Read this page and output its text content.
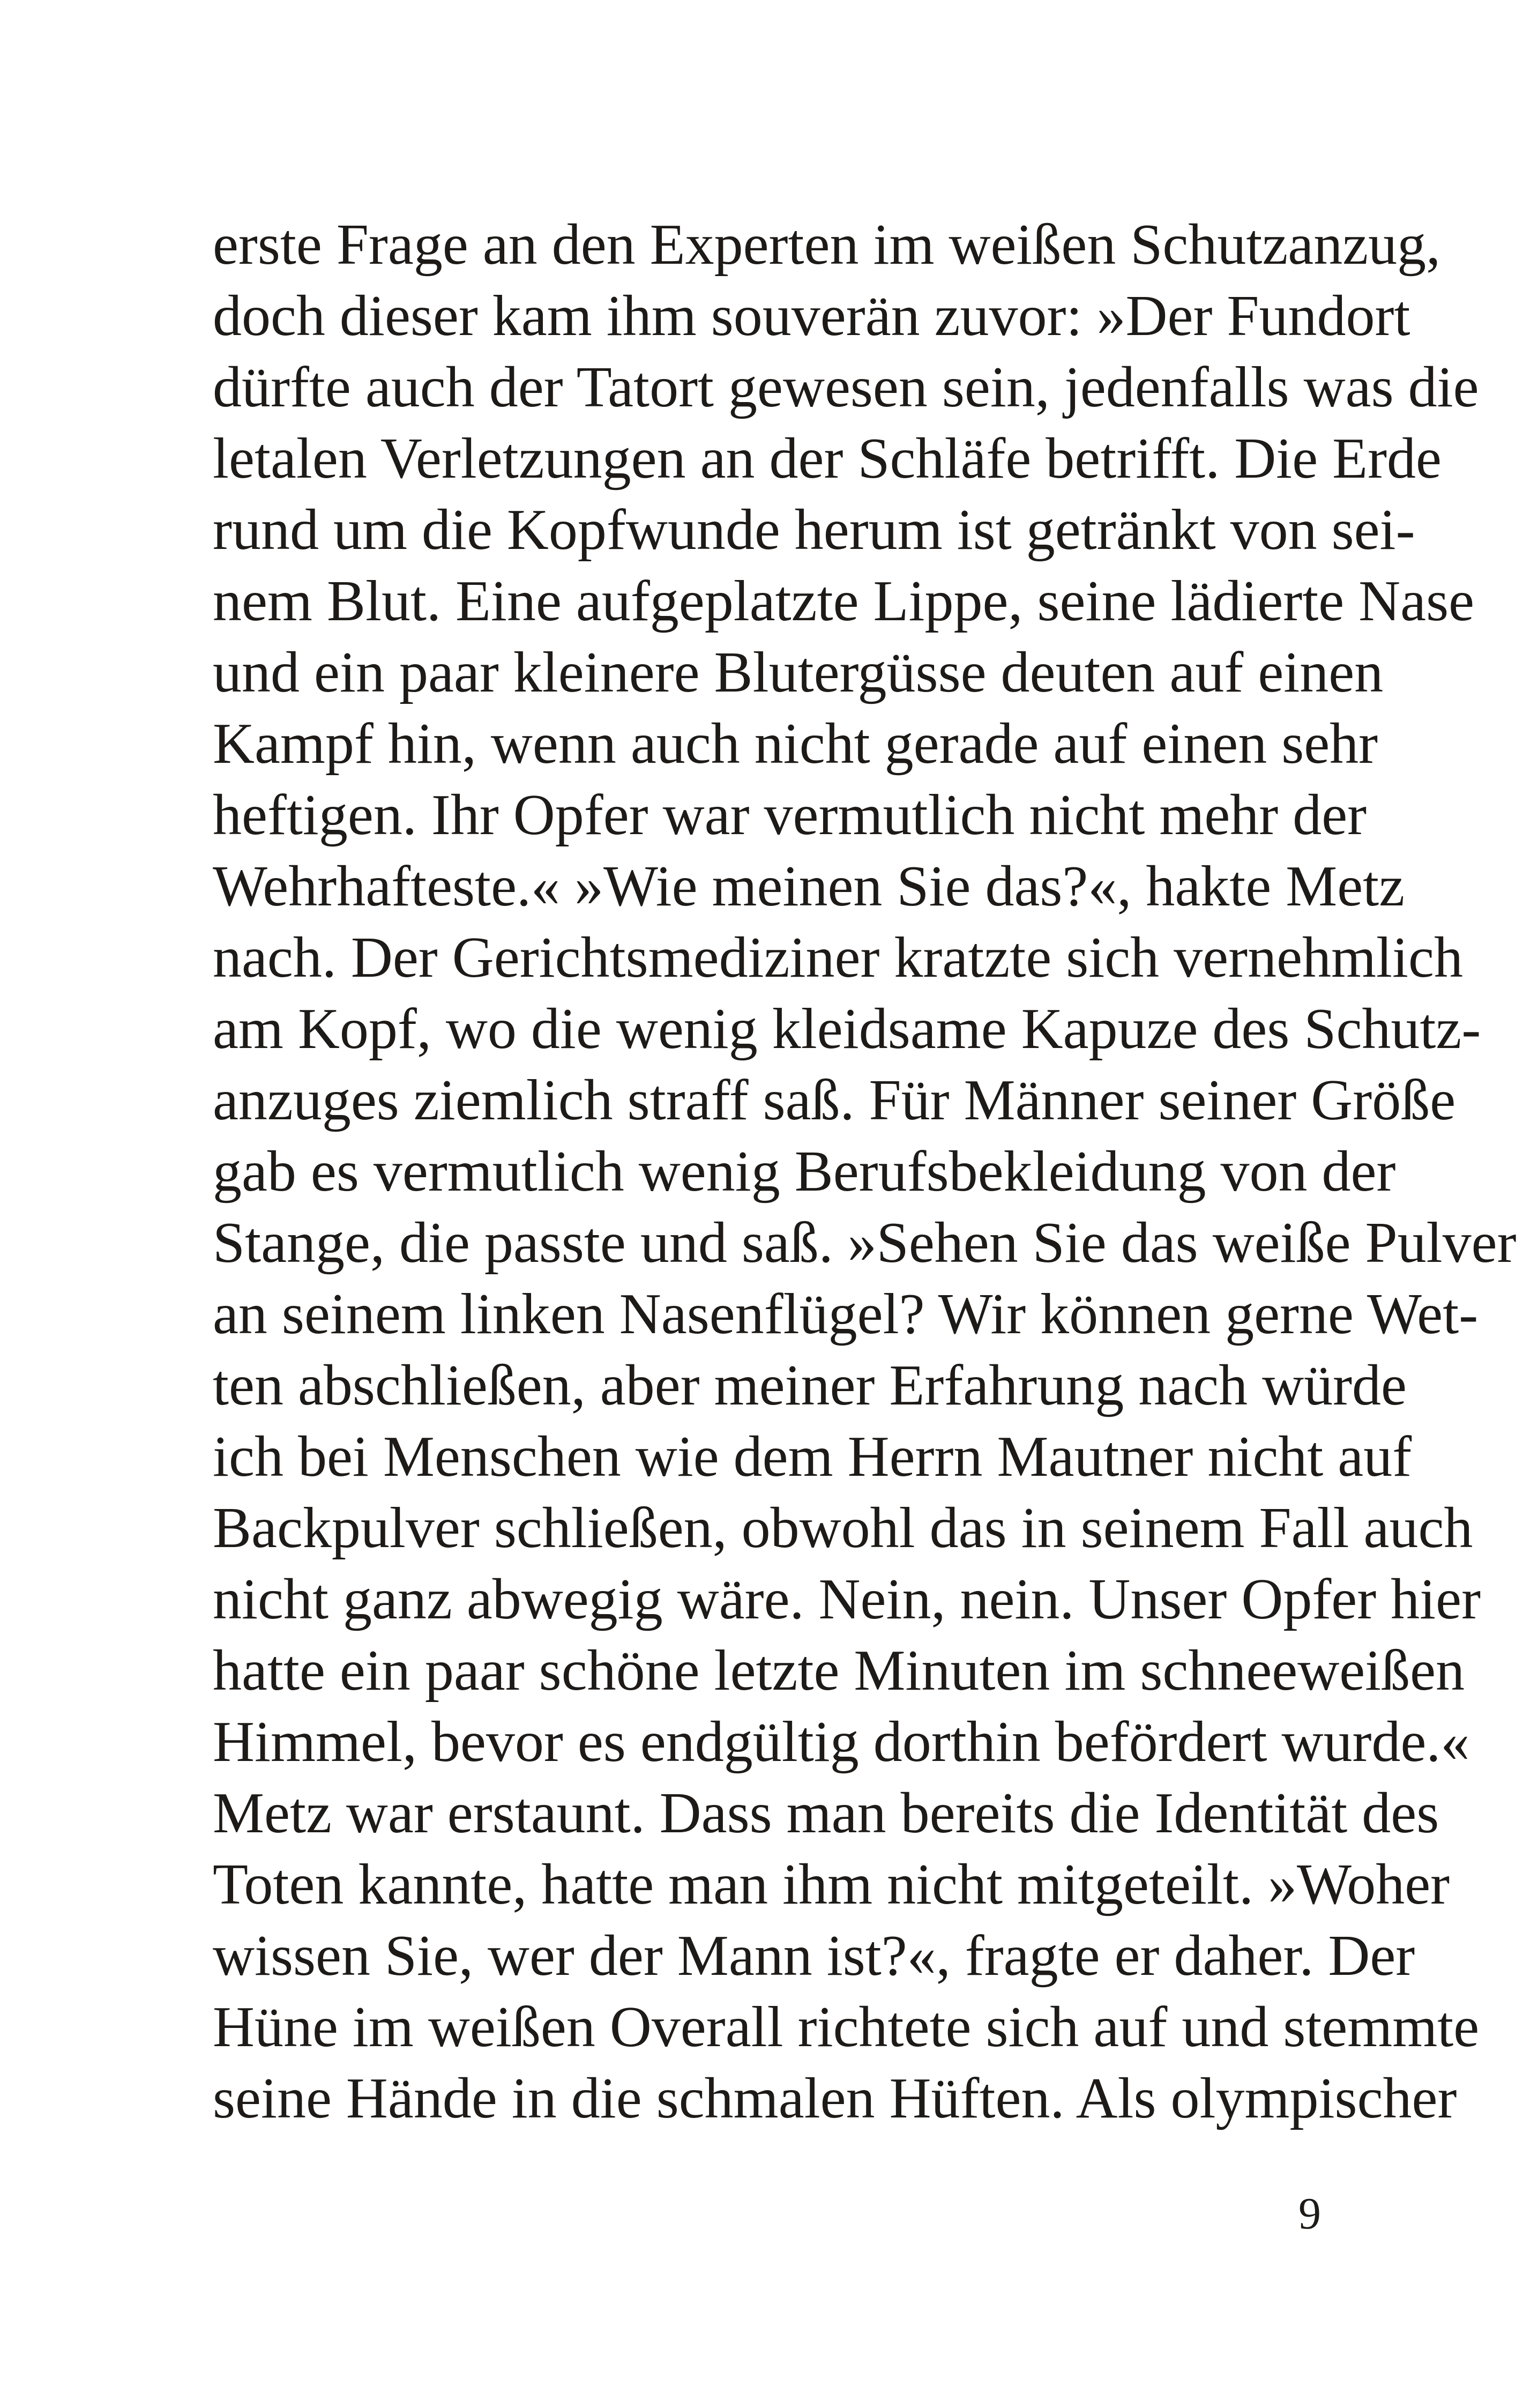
erste Frage an den Experten im weißen Schutzanzug,
doch dieser kam ihm souverän zuvor: »Der Fundort
dürfte auch der Tatort gewesen sein, jedenfalls was die
letalen Verletzungen an der Schläfe betrifft. Die Erde
rund um die Kopfwunde herum ist getränkt von sei-
nem Blut. Eine aufgeplatzte Lippe, seine lädierte Nase
und ein paar kleinere Blutergüsse deuten auf einen
Kampf hin, wenn auch nicht gerade auf einen sehr
heftigen. Ihr Opfer war vermutlich nicht mehr der
Wehrhafteste.« »Wie meinen Sie das?«, hakte Metz
nach. Der Gerichtsmediziner kratzte sich vernehmlich
am Kopf, wo die wenig kleidsame Kapuze des Schutz-
anzuges ziemlich straff saß. Für Männer seiner Größe
gab es vermutlich wenig Berufsbekleidung von der
Stange, die passte und saß. »Sehen Sie das weiße Pulver
an seinem linken Nasenflügel? Wir können gerne Wet-
ten abschließen, aber meiner Erfahrung nach würde
ich bei Menschen wie dem Herrn Mautner nicht auf
Backpulver schließen, obwohl das in seinem Fall auch
nicht ganz abwegig wäre. Nein, nein. Unser Opfer hier
hatte ein paar schöne letzte Minuten im schneeweißen
Himmel, bevor es endgültig dorthin befördert wurde.«
Metz war erstaunt. Dass man bereits die Identität des
Toten kannte, hatte man ihm nicht mitgeteilt. »Woher
wissen Sie, wer der Mann ist?«, fragte er daher. Der
Hüne im weißen Overall richtete sich auf und stemmte
seine Hände in die schmalen Hüften. Als olympischer
9
